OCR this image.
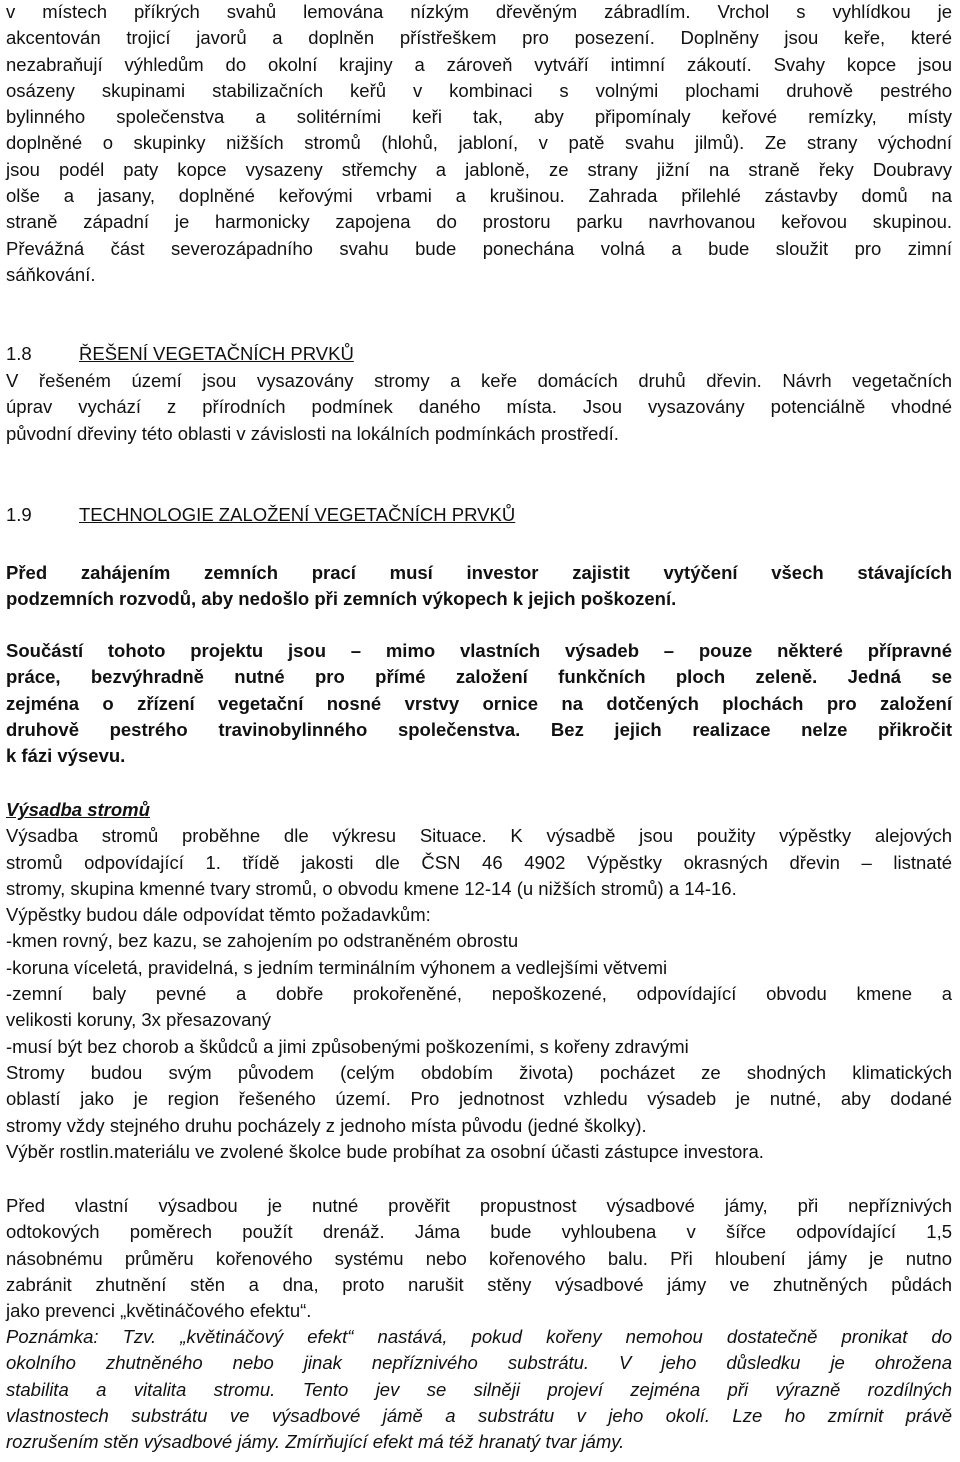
v místech příkrých svahů lemována nízkým dřevěným zábradlím. Vrchol s vyhlídkou je
akcentován trojicí javorů a doplněn přístřeškem pro posezení. Doplněny jsou keře, které
nezabraňují výhledům do okolní krajiny a zároveň vytváří intimní zákoutí. Svahy kopce jsou
osázeny skupinami stabilizačních keřů v kombinaci s volnými plochami druhově pestrého
bylinného společenstva a solitérními keři tak, aby připomínaly keřové remízky, místy
doplněné o skupinky nižších stromů (hlohů, jabloní, v patě svahu jilmů). Ze strany východní
jsou podél paty kopce vysazeny střemchy a jabloně, ze strany jižní na straně řeky Doubravy
olše a jasany, doplněné keřovými vrbami a krušinou. Zahrada přilehlé zástavby domů na
straně západní je harmonicky zapojena do prostoru parku navrhovanou keřovou skupinou.
Převážná část severozápadního svahu bude ponechána volná a bude sloužit pro zimní
sáňkování.
1.8	ŘEŠENÍ VEGETAČNÍCH PRVKŮ
V řešeném území jsou vysazovány stromy a keře domácích druhů dřevin. Návrh vegetačních
úprav vychází z přírodních podmínek daného místa. Jsou vysazovány potenciálně vhodné
původní dřeviny této oblasti v závislosti na lokálních podmínkách prostředí.
1.9	TECHNOLOGIE ZALOŽENÍ VEGETAČNÍCH PRVKŮ
Před zahájením zemních prací musí investor zajistit vytýčení všech stávajících
podzemních rozvodů, aby nedošlo při zemních výkopech k jejich poškození.
Součástí tohoto projektu jsou – mimo vlastních výsadeb – pouze některé přípravné
práce, bezvýhradně nutné pro přímé založení funkčních ploch zeleně. Jedná se
zejména o zřízení vegetační nosné vrstvy ornice na dotčených plochách pro založení
druhově pestrého travinobylinného společenstva. Bez jejich realizace nelze přikročit
k fázi výsevu.
Výsadba stromů
Výsadba stromů proběhne dle výkresu Situace. K výsadbě jsou použity výpěstky alejových
stromů odpovídající 1. třídě jakosti dle ČSN 46 4902 Výpěstky okrasných dřevin – listnaté
stromy, skupina kmenné tvary stromů, o obvodu kmene 12-14 (u nižších stromů) a 14-16.
Výpěstky budou dále odpovídat těmto požadavkům:
-kmen rovný, bez kazu, se zahojením po odstraněném obrostu
-koruna víceletá, pravidelná, s jedním terminálním výhonem a vedlejšími větvemi
-zemní baly pevné a dobře prokořeněné, nepoškozené, odpovídající obvodu kmene a
velikosti koruny, 3x přesazovaný
-musí být bez chorob a škůdců a jimi způsobenými poškozeními, s kořeny zdravými
Stromy budou svým původem (celým obdobím života) pocházet ze shodných klimatických
oblastí jako je region řešeného území. Pro jednotnost vzhledu výsadeb je nutné, aby dodané
stromy vždy stejného druhu pocházely z jednoho místa původu (jedné školky).
Výběr rostlin.materiálu ve zvolené školce bude probíhat za osobní účasti zástupce investora.
Před vlastní výsadbou je nutné prověřit propustnost výsadbové jámy, při nepříznivých
odtokových poměrech použít drenáž. Jáma bude vyhloubena v šířce odpovídající 1,5
násobnému průměru kořenového systému nebo kořenového balu. Při hloubení jámy je nutno
zabránit zhutnění stěn a dna, proto narušit stěny výsadbové jámy ve zhutněných půdách
jako prevenci „květináčového efektu“.
Poznámka: Tzv. „květináčový efekt“ nastává, pokud kořeny nemohou dostatečně pronikat do
okolního zhutněného nebo jinak nepříznivého substrátu. V jeho důsledku je ohrožena
stabilita a vitalita stromu. Tento jev se silněji projeví zejména při výrazně rozdílných
vlastnostech substrátu ve výsadbové jámě a substrátu v jeho okolí. Lze ho zmírnit právě
rozrušením stěn výsadbové jámy. Zmírňující efekt má též hranatý tvar jámy.
